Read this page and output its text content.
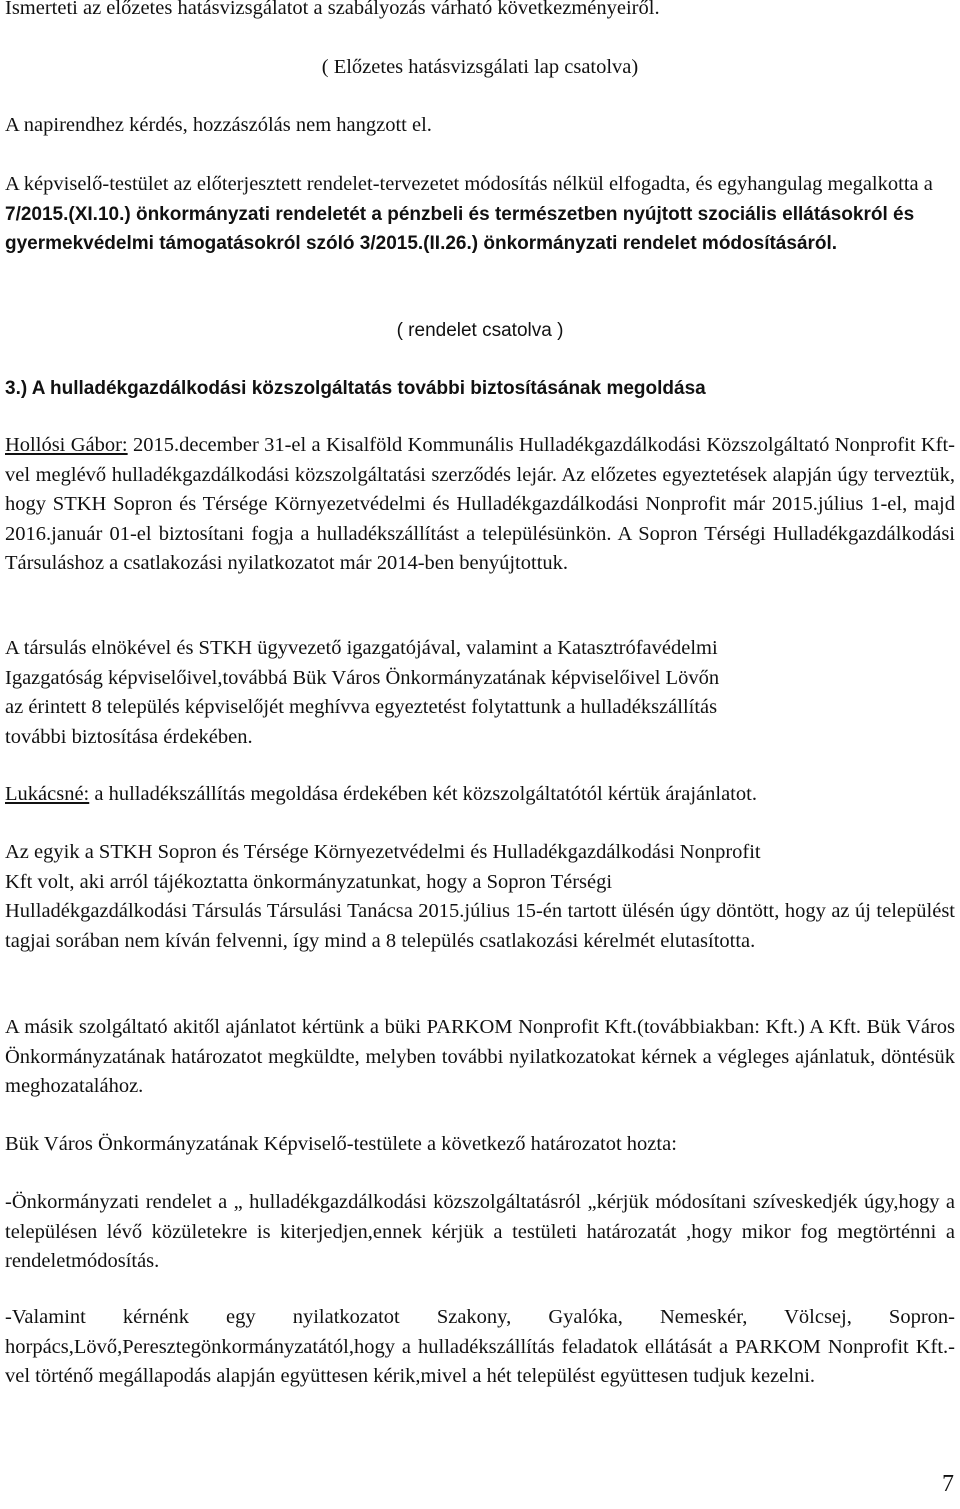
Ismerteti az előzetes hatásvizsgálatot a szabályozás várható következményeiről.

( Előzetes hatásvizsgálati lap csatolva)

A napirendhez kérdés, hozzászólás nem hangzott el.

A képviselő-testület az előterjesztett rendelet-tervezetet módosítás nélkül elfogadta, és egyhangulag megalkotta a 7/2015.(XI.10.) önkormányzati rendeletét a pénzbeli és természetben nyújtott szociális ellátásokról és gyermekvédelmi támogatásokról szóló 3/2015.(II.26.) önkormányzati rendelet módosításáról.

( rendelet csatolva )

3.) A hulladékgazdálkodási közszolgáltatás további biztosításának megoldása

Hollósi Gábor: 2015.december 31-el a Kisalföld Kommunális Hulladékgazdálkodási Közszolgáltató Nonprofit Kft-vel meglévő hulladékgazdálkodási közszolgáltatási szerződés lejár. Az előzetes egyeztetések alapján úgy terveztük, hogy STKH Sopron és Térsége Környezetvédelmi és Hulladékgazdálkodási Nonprofit már 2015.július 1-el, majd 2016.január 01-el biztosítani fogja a hulladékszállítást a településünkön. A Sopron Térségi Hulladékgazdálkodási Társuláshoz a csatlakozási nyilatkozatot már 2014-ben benyújtottuk.

A társulás elnökével és STKH ügyvezető igazgatójával, valamint a Katasztrófavédelmi
Igazgatóság képviselőivel,továbbá Bük Város Önkormányzatának képviselőivel Lövőn
az érintett 8 település képviselőjét meghívva egyeztetést folytattunk a hulladékszállítás
további biztosítása érdekében.

Lukácsné: a hulladékszállítás megoldása érdekében két közszolgáltatótól kértük árajánlatot.

Az egyik a STKH Sopron és Térsége Környezetvédelmi és Hulladékgazdálkodási Nonprofit
Kft volt, aki arról tájékoztatta önkormányzatunkat, hogy a Sopron Térségi
Hulladékgazdálkodási Társulás Társulási Tanácsa 2015.július 15-én tartott ülésén úgy döntött, hogy az új települést tagjai sorában nem kíván felvenni, így mind a 8 település csatlakozási kérelmét elutasította.

A másik szolgáltató akitől ajánlatot kértünk a büki PARKOM Nonprofit Kft.(továbbiakban: Kft.) A Kft. Bük Város Önkormányzatának határozatot megküldte, melyben további nyilatkozatokat kérnek a végleges ajánlatuk, döntésük meghozatalához.

Bük Város Önkormányzatának Képviselő-testülete a következő határozatot hozta:

-Önkormányzati rendelet a „ hulladékgazdálkodási közszolgáltatásról „kérjük módosítani szíveskedjék úgy,hogy a településen lévő közületekre is kiterjedjen,ennek kérjük a testületi határozatát ,hogy mikor fog megtörténni a rendeletmódosítás.

-Valamint kérnénk egy nyilatkozatot Szakony, Gyalóka, Nemeskér, Völcsej, Sopron-horpács,Lövő,Peresztegönkormányzatától,hogy a hulladékszállítás feladatok ellátását a PARKOM Nonprofit Kft.-vel történő megállapodás alapján együttesen kérik,mivel a hét települést együttesen tudjuk kezelni.

7
